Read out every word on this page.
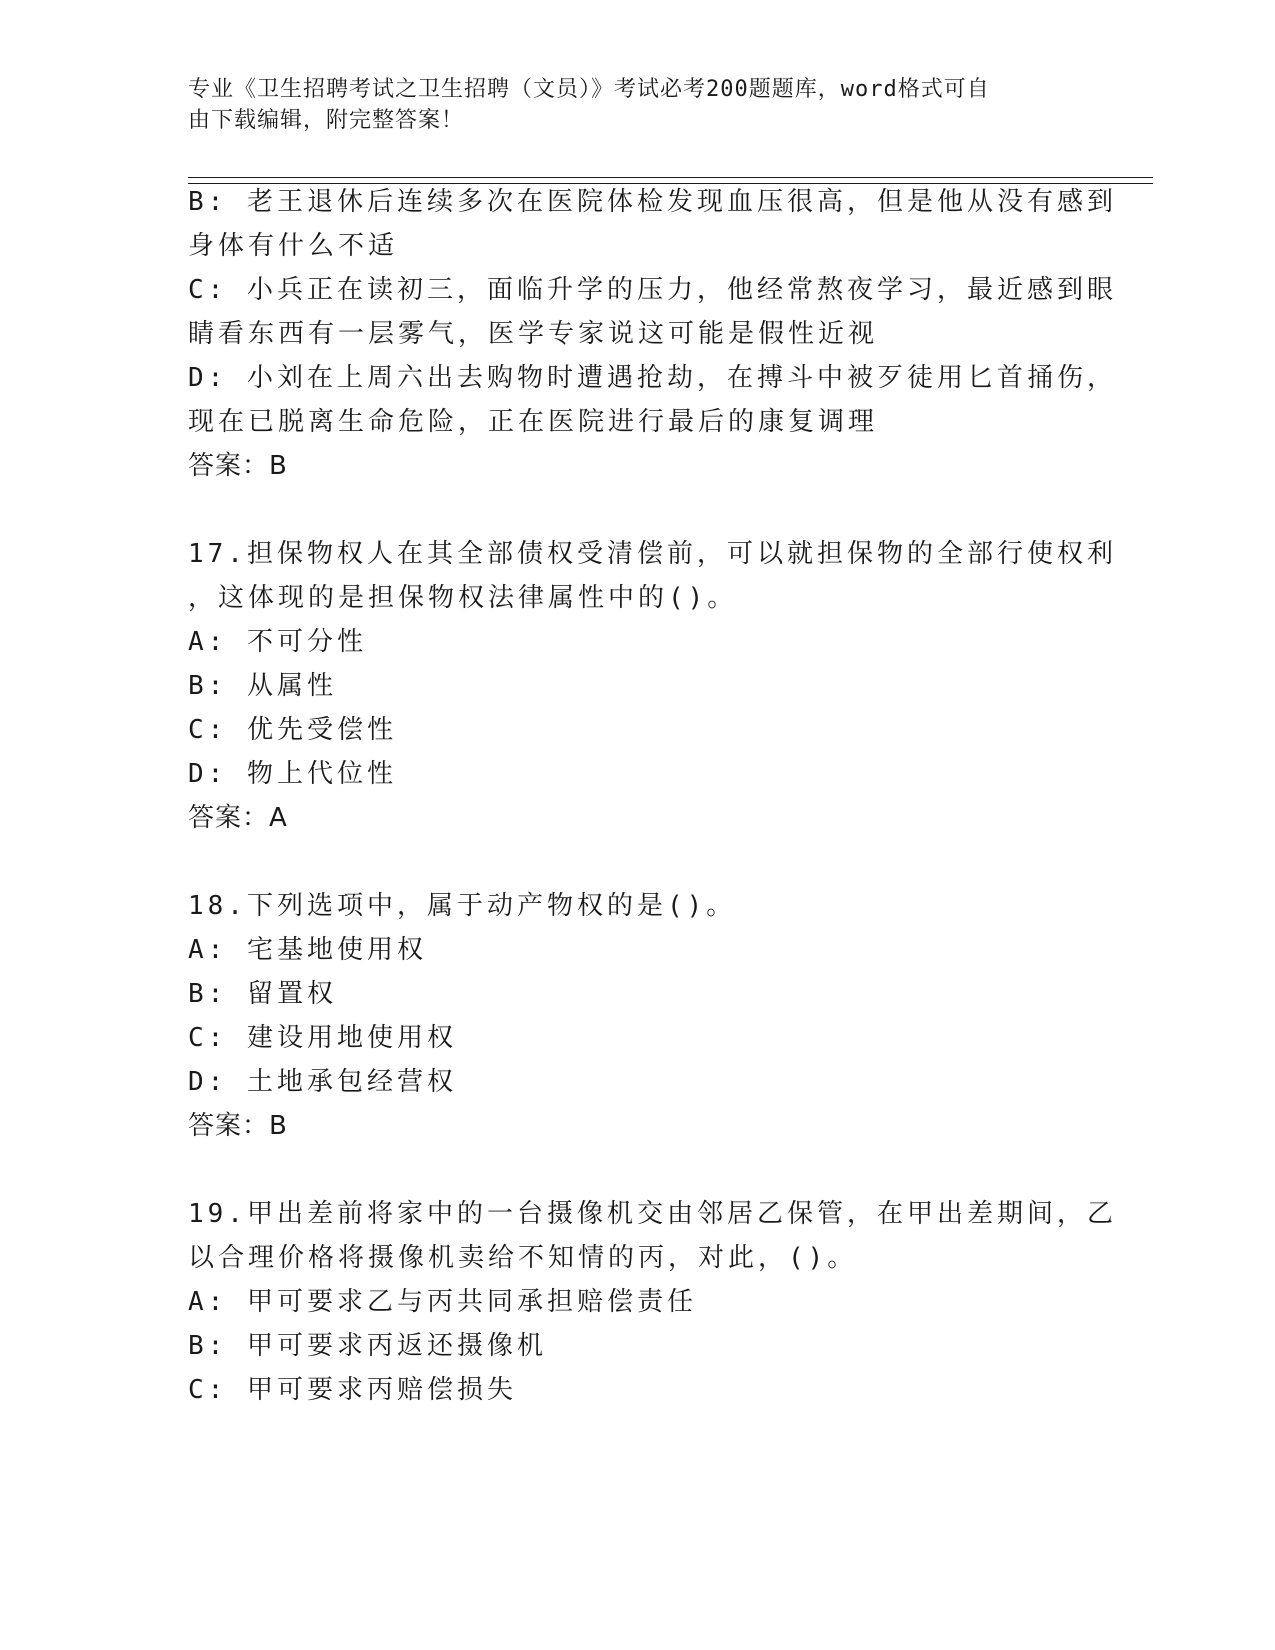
专业《卫生招聘考试之卫生招聘（文员）》考试必考200题题库，word格式可自
由下载编辑，附完整答案！
B: 老王退休后连续多次在医院体检发现血压很高，但是他从没有感到
身体有什么不适
C: 小兵正在读初三，面临升学的压力，他经常熬夜学习，最近感到眼
睛看东西有一层雾气，医学专家说这可能是假性近视
D: 小刘在上周六出去购物时遭遇抢劫，在搏斗中被歹徒用匕首捅伤，
现在已脱离生命危险，正在医院进行最后的康复调理
答案：B
17.担保物权人在其全部债权受清偿前，可以就担保物的全部行使权利
，这体现的是担保物权法律属性中的()。
A: 不可分性
B: 从属性
C: 优先受偿性
D: 物上代位性
答案：A
18.下列选项中，属于动产物权的是()。
A: 宅基地使用权
B: 留置权
C: 建设用地使用权
D: 土地承包经营权
答案：B
19.甲出差前将家中的一台摄像机交由邻居乙保管，在甲出差期间，乙
以合理价格将摄像机卖给不知情的丙，对此，()。
A: 甲可要求乙与丙共同承担赔偿责任
B: 甲可要求丙返还摄像机
C: 甲可要求丙赔偿损失
